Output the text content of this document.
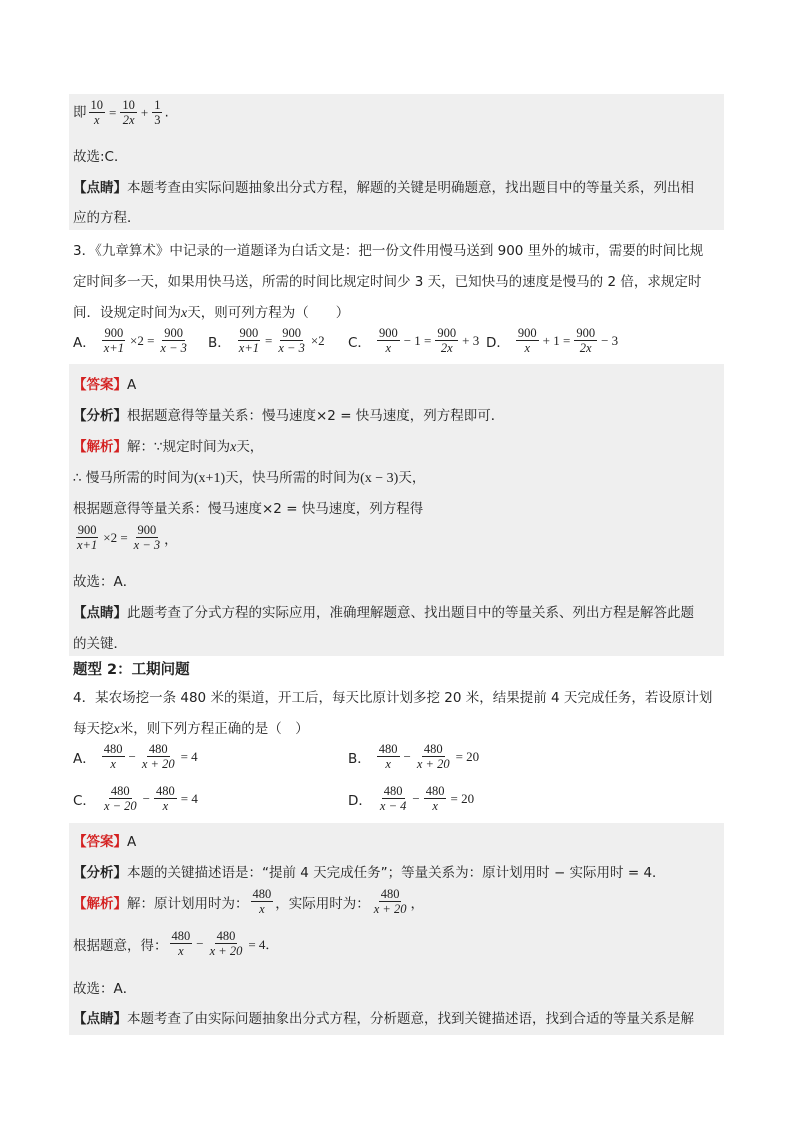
即 $\frac{10}{x} = \frac{10}{2x} + \frac{1}{3}$ .
故选:C．
【点睛】本题考查由实际问题抽象出分式方程，解题的关键是明确题意，找出题目中的等量关系，列出相
应的方程．
3．《九章算术》中记录的一道题译为白话文是：把一份文件用慢马送到 900 里外的城市，需要的时间比规
定时间多一天，如果用快马送，所需的时间比规定时间少 3 天，已知快马的速度是慢马的 2 倍，求规定时
间．设规定时间为x天，则可列方程为（　　）
A． $\frac{900}{x+1} \times 2 = \frac{900}{x - 3}$ B． $\frac{900}{x+1} = \frac{900}{x - 3} \times 2$ C． $\frac{900}{x} - 1 = \frac{900}{2x} + 3$ D． $\frac{900}{x} + 1 = \frac{900}{2x} - 3$
【答案】A
【分析】根据题意得等量关系：慢马速度×2 = 快马速度，列方程即可．
【解析】解：∵规定时间为x天，
∴ 慢马所需的时间为(x+1)天，快马所需的时间为(x − 3)天，
根据题意得等量关系：慢马速度×2 = 快马速度，列方程得
$\frac{900}{x+1} \times 2 = \frac{900}{x - 3}$ ，
故选：A．
【点睛】此题考查了分式方程的实际应用，准确理解题意、找出题目中的等量关系、列出方程是解答此题
的关键．
题型 2：工期问题
4．某农场挖一条 480 米的渠道，开工后，每天比原计划多挖 20 米，结果提前 4 天完成任务，若设原计划
每天挖x米，则下列方程正确的是（　）
A． $\frac{480}{x} - \frac{480}{x + 20} = 4$	B． $\frac{480}{x} - \frac{480}{x + 20} = 20$
C． $\frac{480}{x - 20} - \frac{480}{x} = 4$	D． $\frac{480}{x - 4} - \frac{480}{x} = 20$
【答案】A
【分析】本题的关键描述语是：“提前 4 天完成任务”；等量关系为：原计划用时 − 实际用时 = 4．
【解析】 解：原计划用时为： $\frac{480}{x}$ ，实际用时为： $\frac{480}{x + 20}$ ，
根据题意，得： $\frac{480}{x} - \frac{480}{x + 20} = 4$．
故选：A．
【点睛】本题考查了由实际问题抽象出分式方程，分析题意，找到关键描述语，找到合适的等量关系是解
